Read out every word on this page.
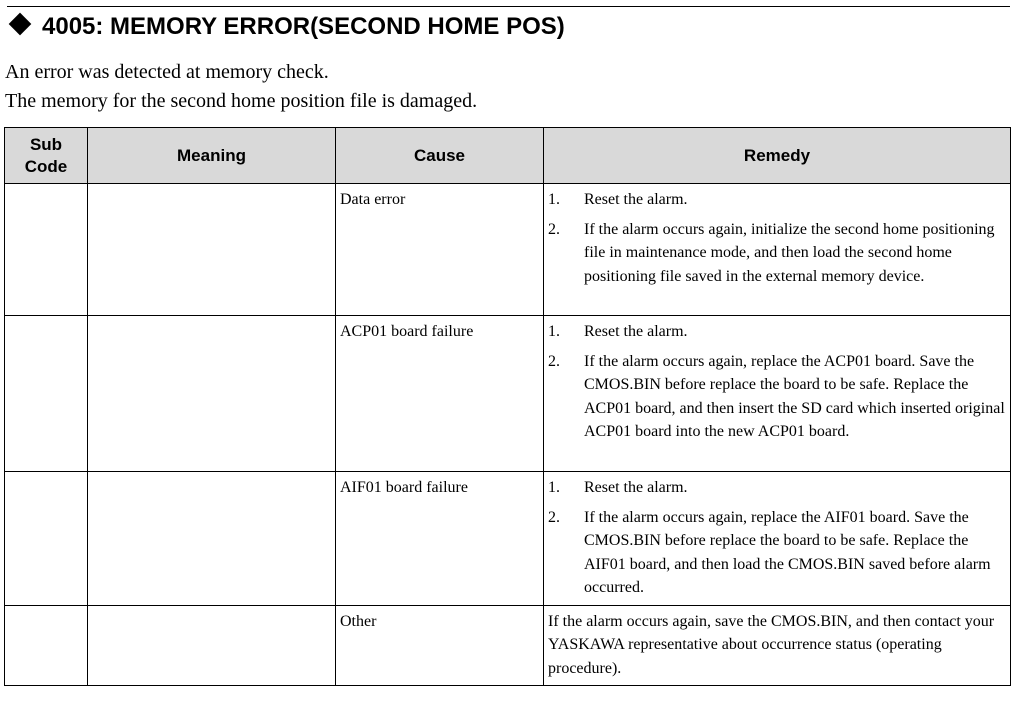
4005: MEMORY ERROR(SECOND HOME POS)
An error was detected at memory check.
The memory for the second home position file is damaged.
Sub
Code	Meaning	Cause	Remedy
		Data error	1. Reset the alarm.
2. If the alarm occurs again, initialize the second home positioning file in maintenance mode, and then load the second home positioning file saved in the external memory device.

		ACP01 board failure	1. Reset the alarm.
2. If the alarm occurs again, replace the ACP01 board. Save the CMOS.BIN before replace the board to be safe. Replace the ACP01 board, and then insert the SD card which inserted original ACP01 board into the new ACP01 board.

		AIF01 board failure	1. Reset the alarm.
2. If the alarm occurs again, replace the AIF01 board. Save the CMOS.BIN before replace the board to be safe. Replace the AIF01 board, and then load the CMOS.BIN saved before alarm occurred.

		Other	If the alarm occurs again, save the CMOS.BIN, and then contact your YASKAWA representative about occurrence status (operating procedure).
